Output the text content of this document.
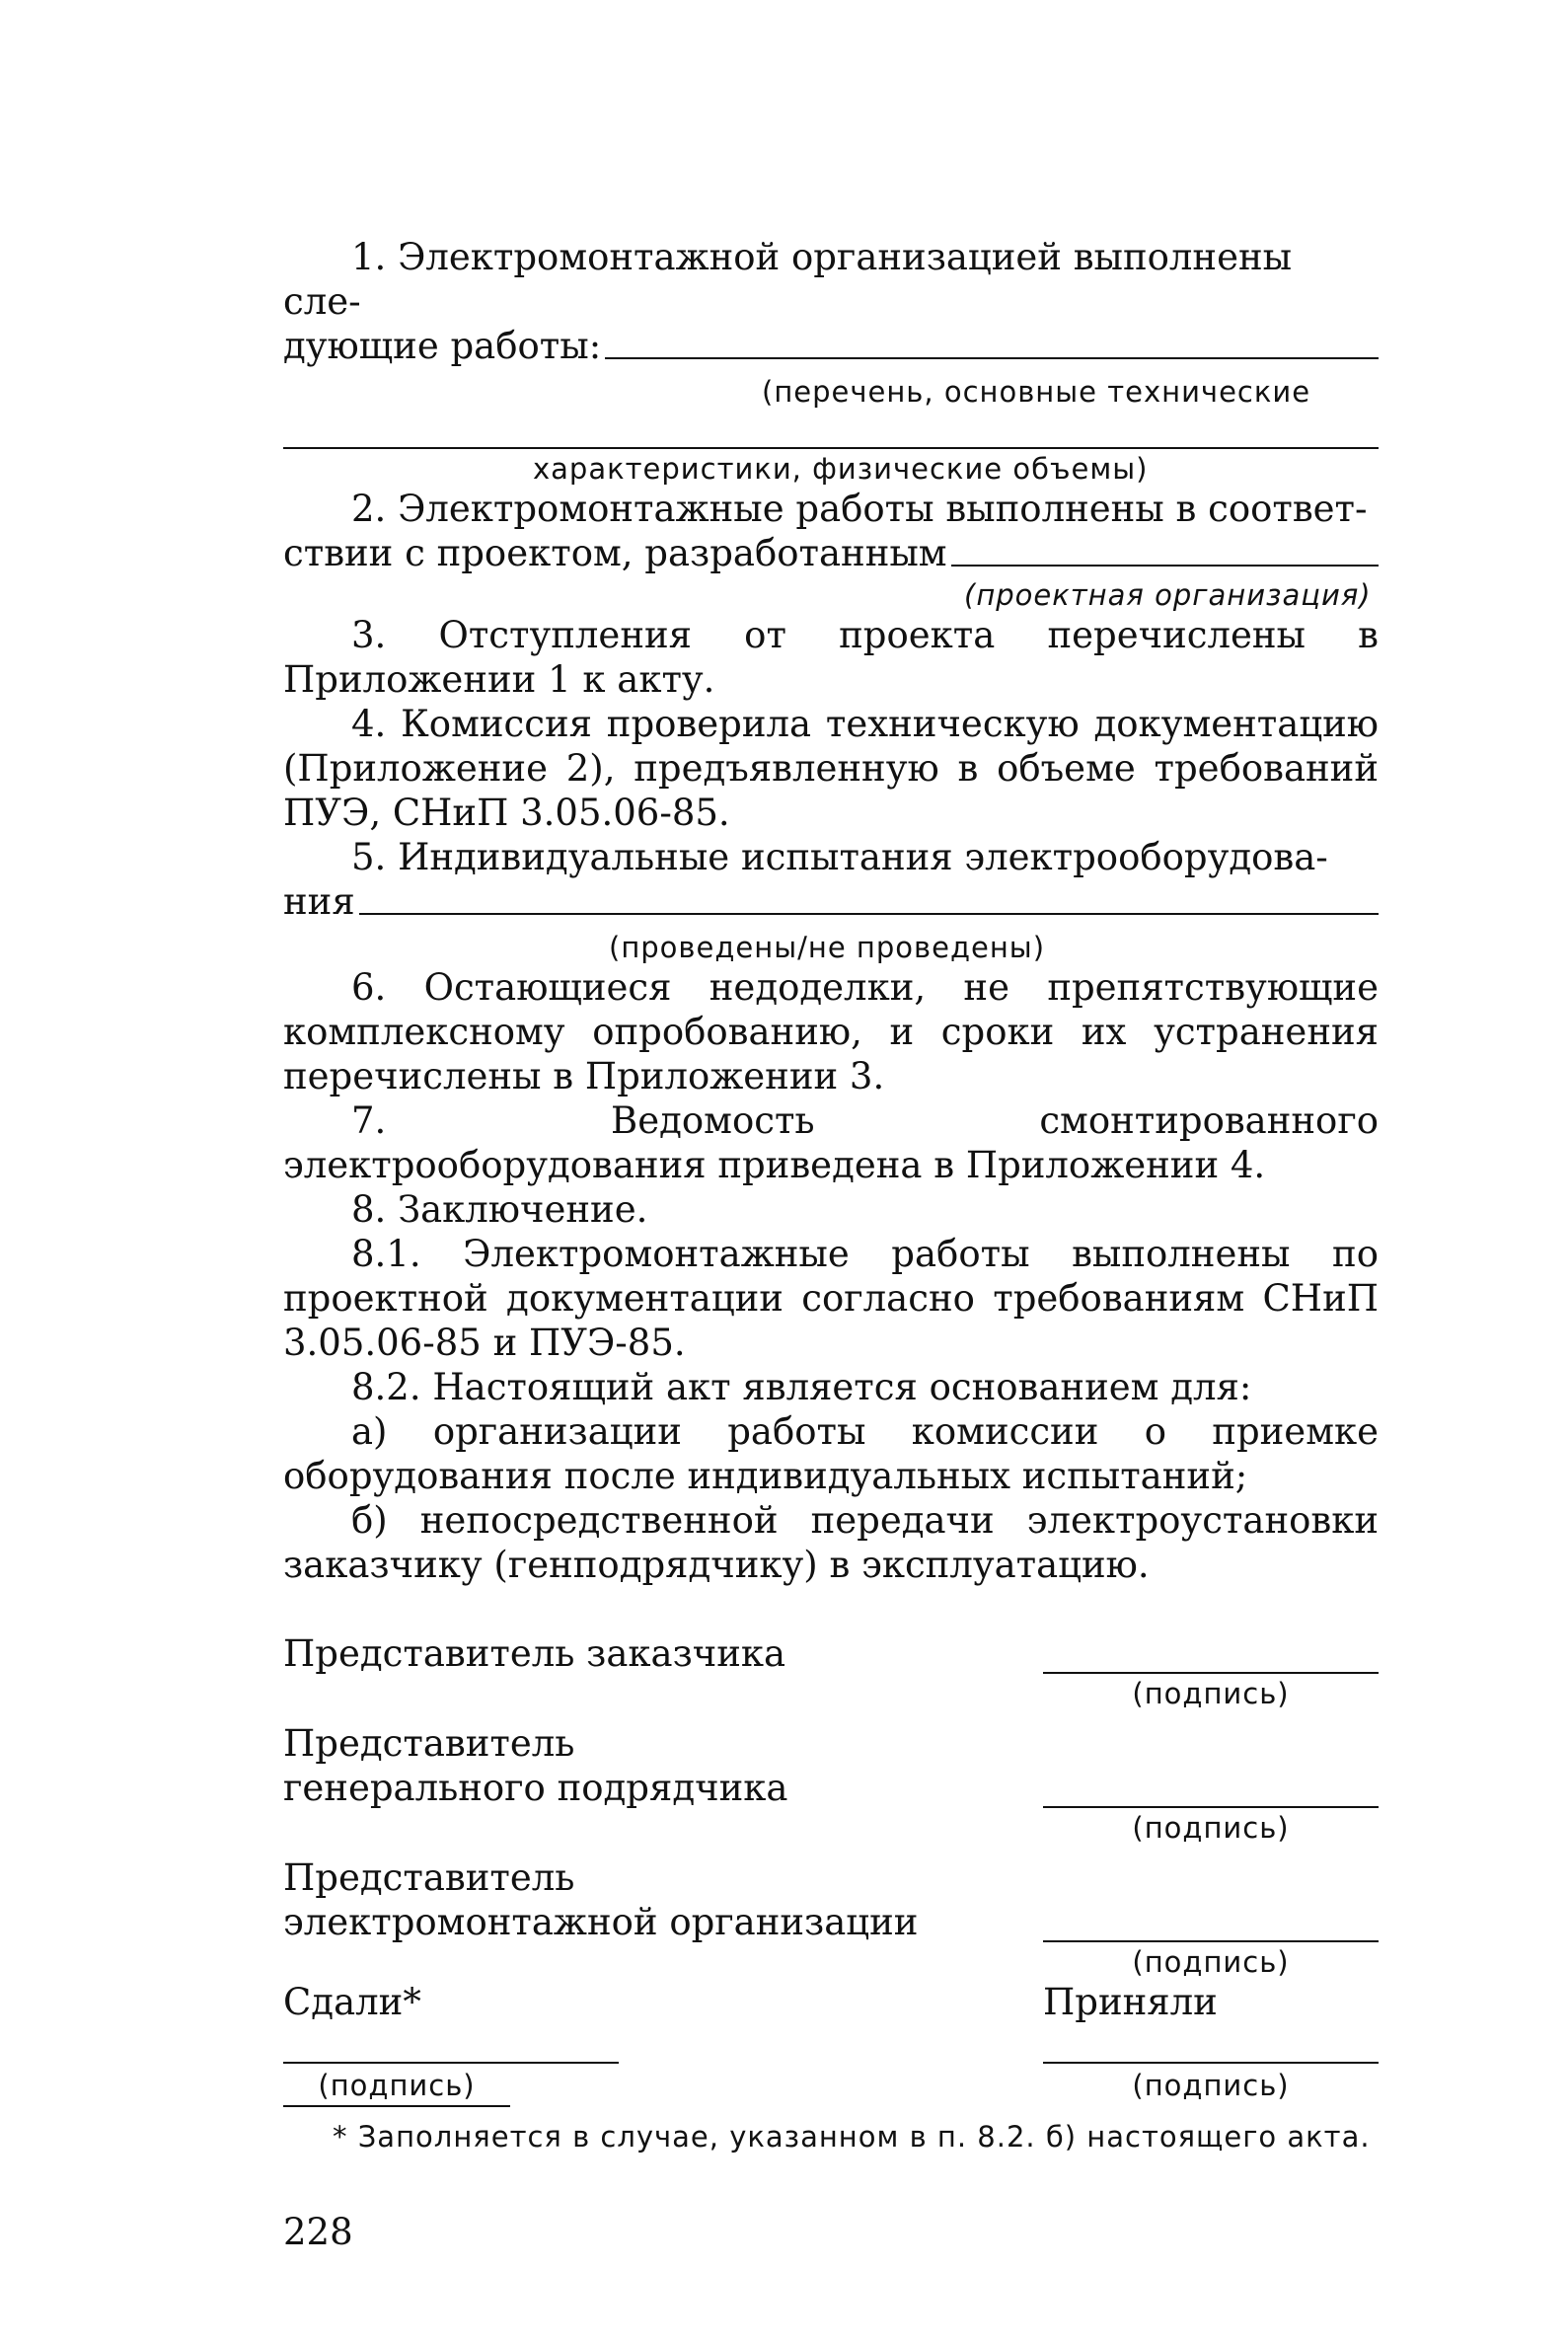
1. Электромонтажной организацией выполнены сле-

дующие работы:

(перечень, основные технические

характеристики, физические объемы)

2. Электромонтажные работы выполнены в соответ-

ствии с проектом, разработанным

(проектная организация)

3. Отступления от проекта перечислены в Приложении 1 к акту.

4. Комиссия проверила техническую документацию (Приложение 2), предъявленную в объеме требований ПУЭ, СНиП 3.05.06-85.

5. Индивидуальные испытания электрооборудова-

ния

(проведены/не проведены)

6. Остающиеся недоделки, не препятствующие комплексному опробованию, и сроки их устранения перечислены в Приложении 3.

7. Ведомость смонтированного электрооборудования приведена в Приложении 4.

8. Заключение.

8.1. Электромонтажные работы выполнены по проектной документации согласно требованиям СНиП 3.05.06-85 и ПУЭ-85.

8.2. Настоящий акт является основанием для:

а) организации работы комиссии о приемке оборудования после индивидуальных испытаний;

б) непосредственной передачи электроустановки заказчику (генподрядчику) в эксплуатацию.

Представитель заказчика

(подпись)

Представитель

генерального подрядчика

(подпись)

Представитель

электромонтажной организации

(подпись)

Сдали*	Приняли

(подпись)	(подпись)

* Заполняется в случае, указанном в п. 8.2. б) настоящего акта.

228
